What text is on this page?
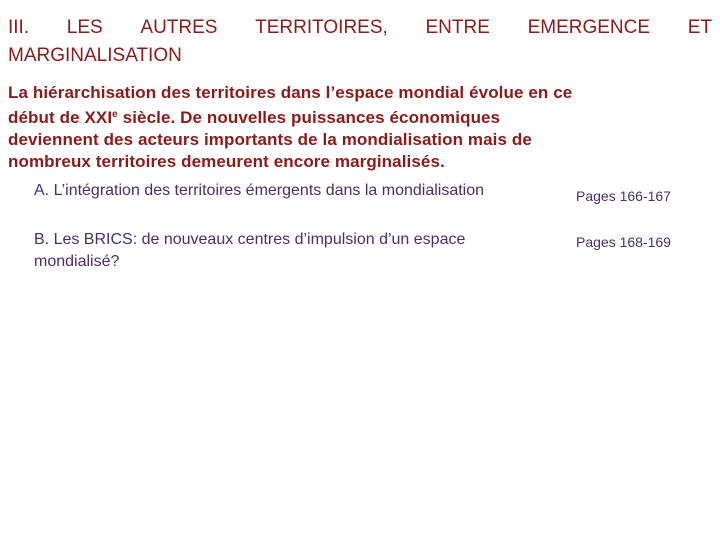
III. LES AUTRES TERRITOIRES, ENTRE EMERGENCE ET
MARGINALISATION
La hiérarchisation des territoires dans l’espace mondial évolue en ce début de XXIe siècle. De nouvelles puissances économiques deviennent des acteurs importants de la mondialisation mais de nombreux territoires demeurent encore marginalisés.
A. L’intégration des territoires émergents dans la mondialisation	Pages 166-167
B. Les BRICS: de nouveaux centres d’impulsion d’un espace mondialisé?
Pages 168-169
